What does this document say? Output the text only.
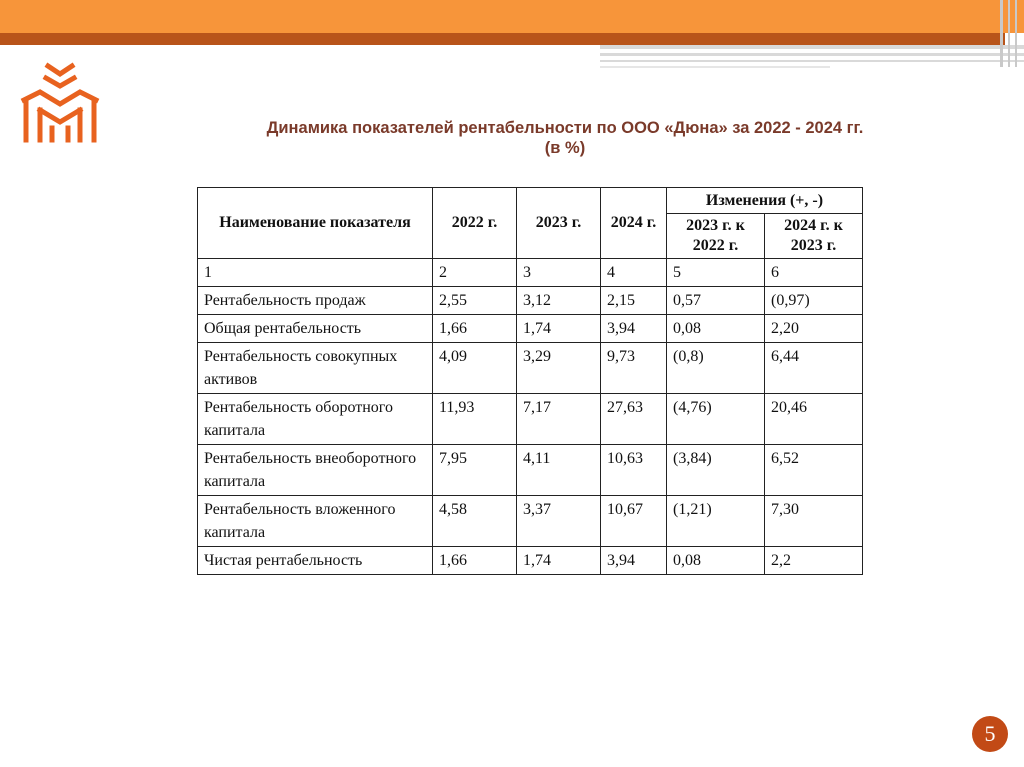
Динамика показателей рентабельности по ООО «Дюна» за 2022 - 2024 гг.
(в %)
Наименование показателя	2022 г.	2023 г.	2024 г.	Изменения (+, -)	
				2023 г. к 2022 г.	2024 г. к 2023 г.
1	2	3	4	5	6
Рентабельность продаж	2,55	3,12	2,15	0,57	(0,97)
Общая рентабельность	1,66	1,74	3,94	0,08	2,20
Рентабельность совокупных активов	4,09	3,29	9,73	(0,8)	6,44
Рентабельность оборотного капитала	11,93	7,17	27,63	(4,76)	20,46
Рентабельность внеоборотного капитала	7,95	4,11	10,63	(3,84)	6,52
Рентабельность вложенного капитала	4,58	3,37	10,67	(1,21)	7,30
Чистая рентабельность	1,66	1,74	3,94	0,08	2,2
5
